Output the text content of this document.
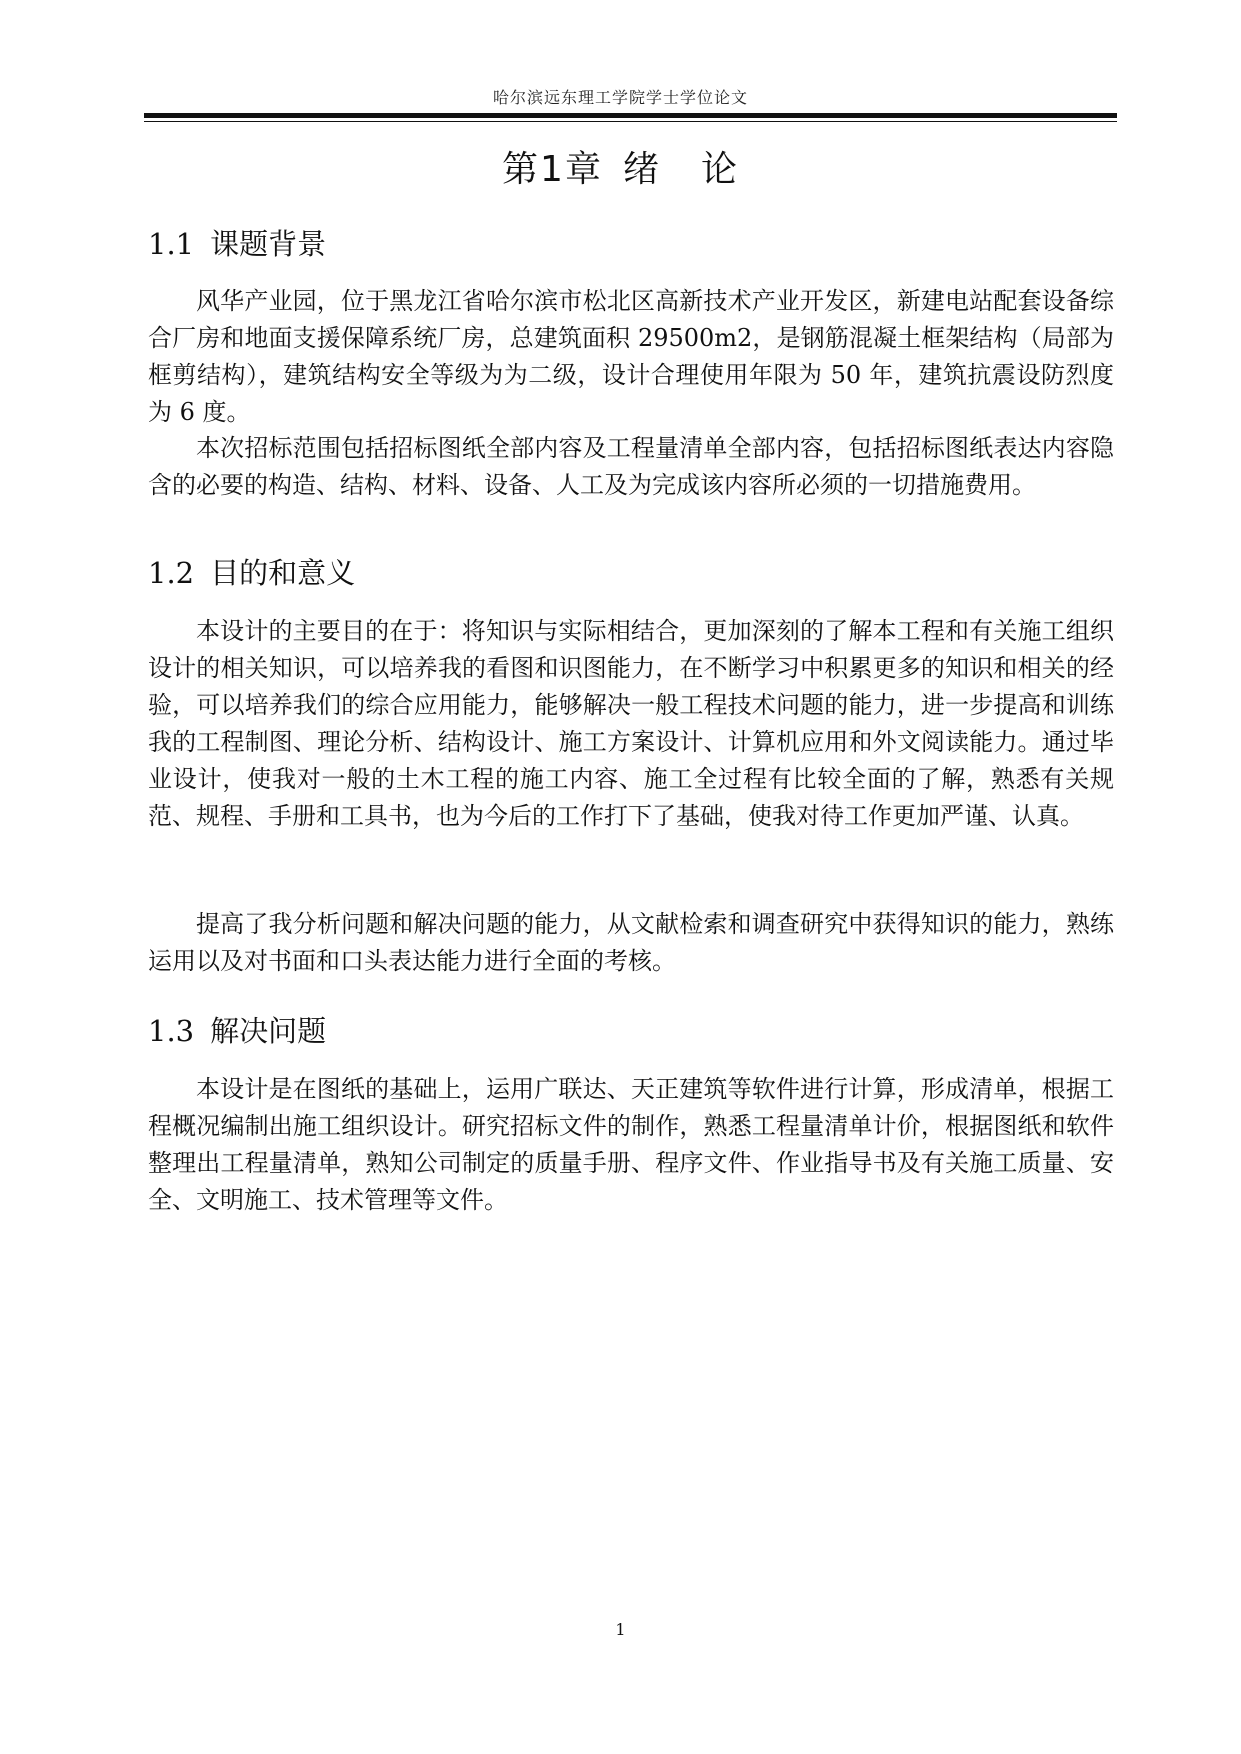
哈尔滨远东理工学院学士学位论文
第1章 绪 论
1.1 课题背景

风华产业园，位于黑龙江省哈尔滨市松北区高新技术产业开发区，新建电站配套设备综合厂房和地面支援保障系统厂房，总建筑面积 29500m2，是钢筋混凝土框架结构（局部为框剪结构），建筑结构安全等级为为二级，设计合理使用年限为 50 年，建筑抗震设防烈度为 6 度。

本次招标范围包括招标图纸全部内容及工程量清单全部内容，包括招标图纸表达内容隐含的必要的构造、结构、材料、设备、人工及为完成该内容所必须的一切措施费用。

1.2 目的和意义

本设计的主要目的在于：将知识与实际相结合，更加深刻的了解本工程和有关施工组织设计的相关知识，可以培养我的看图和识图能力，在不断学习中积累更多的知识和相关的经验，可以培养我们的综合应用能力，能够解决一般工程技术问题的能力，进一步提高和训练我的工程制图、理论分析、结构设计、施工方案设计、计算机应用和外文阅读能力。通过毕业设计，使我对一般的土木工程的施工内容、施工全过程有比较全面的了解，熟悉有关规范、规程、手册和工具书，也为今后的工作打下了基础，使我对待工作更加严谨、认真。

提高了我分析问题和解决问题的能力，从文献检索和调查研究中获得知识的能力，熟练运用以及对书面和口头表达能力进行全面的考核。

1.3 解决问题

本设计是在图纸的基础上，运用广联达、天正建筑等软件进行计算，形成清单，根据工程概况编制出施工组织设计。研究招标文件的制作，熟悉工程量清单计价，根据图纸和软件整理出工程量清单，熟知公司制定的质量手册、程序文件、作业指导书及有关施工质量、安全、文明施工、技术管理等文件。

1
